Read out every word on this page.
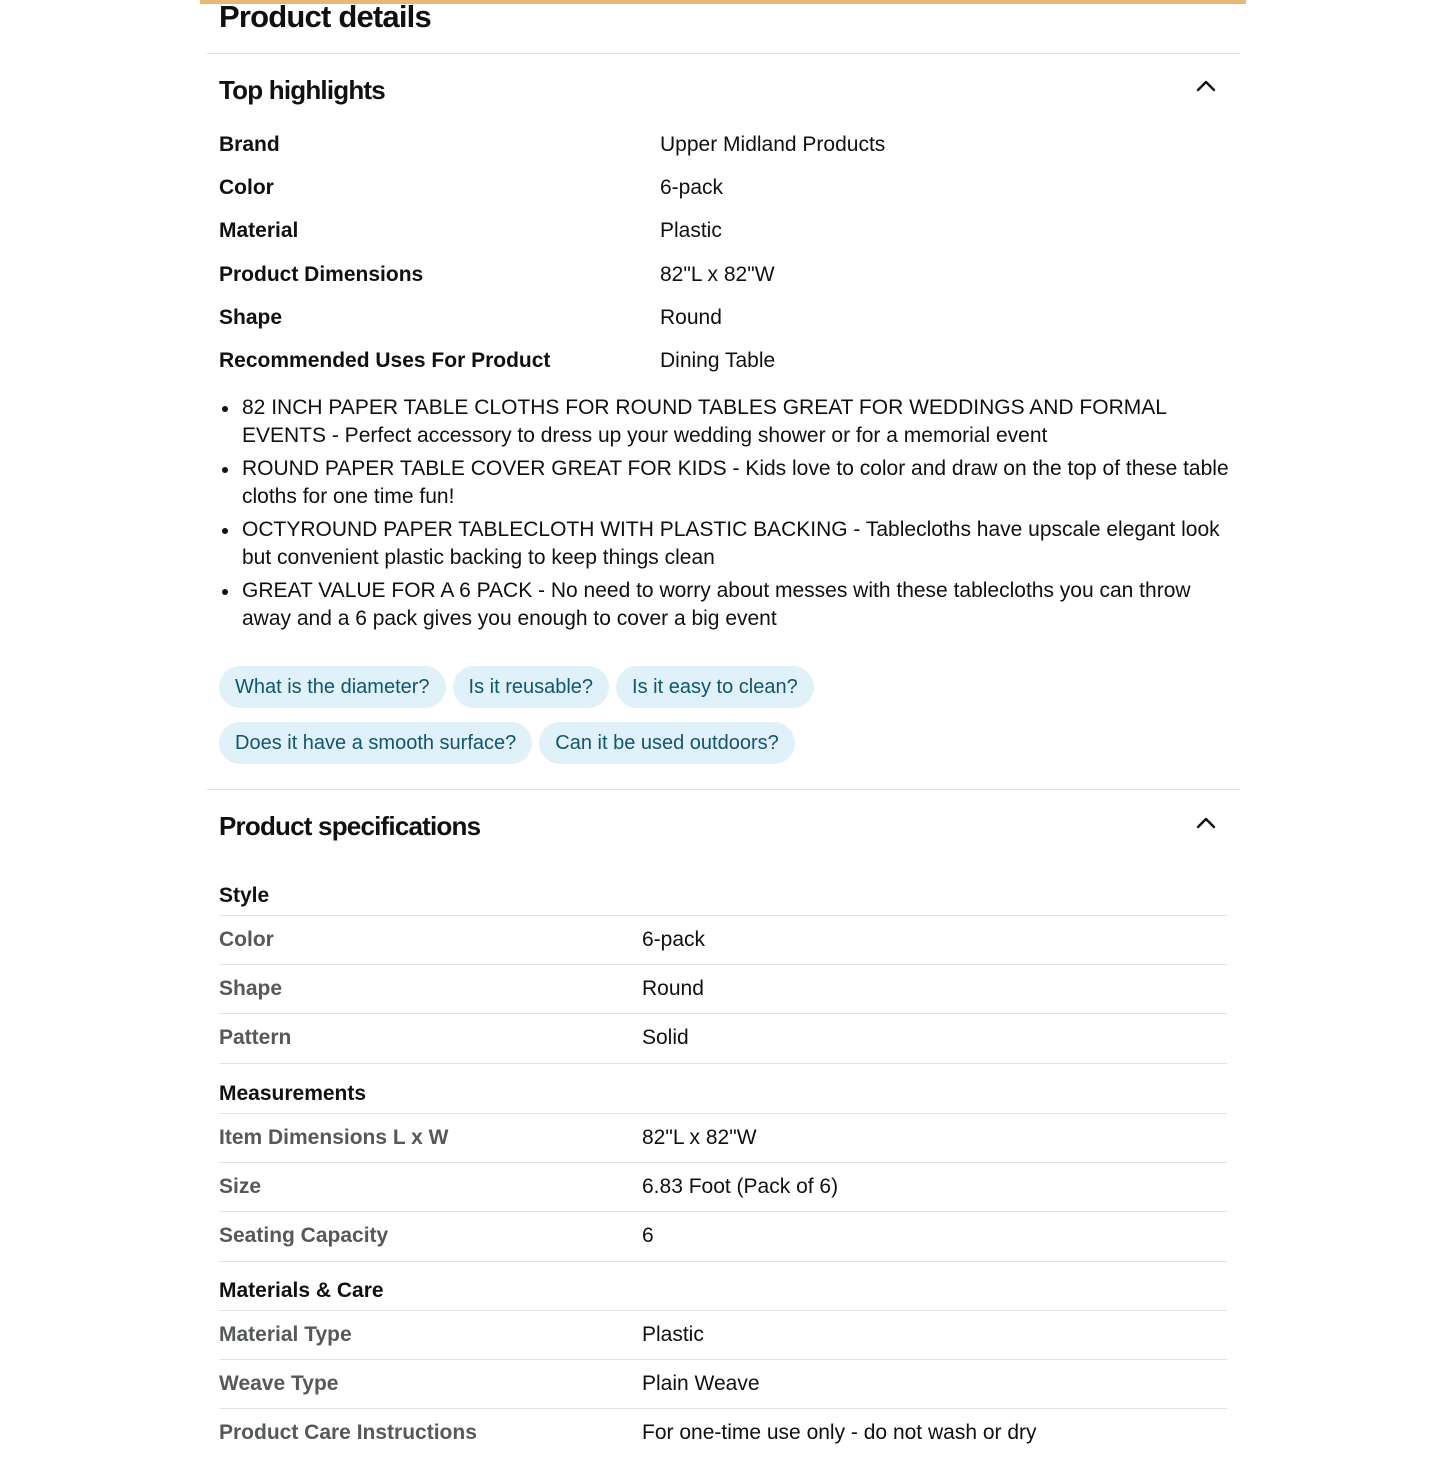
Product details
Top highlights
Brand	Upper Midland Products
Color	6-pack
Material	Plastic
Product Dimensions	82"L x 82"W
Shape	Round
Recommended Uses For Product	Dining Table
82 INCH PAPER TABLE CLOTHS FOR ROUND TABLES GREAT FOR WEDDINGS AND FORMAL EVENTS - Perfect accessory to dress up your wedding shower or for a memorial event
ROUND PAPER TABLE COVER GREAT FOR KIDS - Kids love to color and draw on the top of these table cloths for one time fun!
OCTYROUND PAPER TABLECLOTH WITH PLASTIC BACKING - Tablecloths have upscale elegant look but convenient plastic backing to keep things clean
GREAT VALUE FOR A 6 PACK - No need to worry about messes with these tablecloths you can throw away and a 6 pack gives you enough to cover a big event
What is the diameter? Is it reusable? Is it easy to clean?
Does it have a smooth surface? Can it be used outdoors?
Product specifications
Style
Color	6-pack
Shape	Round
Pattern	Solid
Measurements
Item Dimensions L x W	82"L x 82"W
Size	6.83 Foot (Pack of 6)
Seating Capacity	6
Materials & Care
Material Type	Plastic
Weave Type	Plain Weave
Product Care Instructions	For one-time use only - do not wash or dry
